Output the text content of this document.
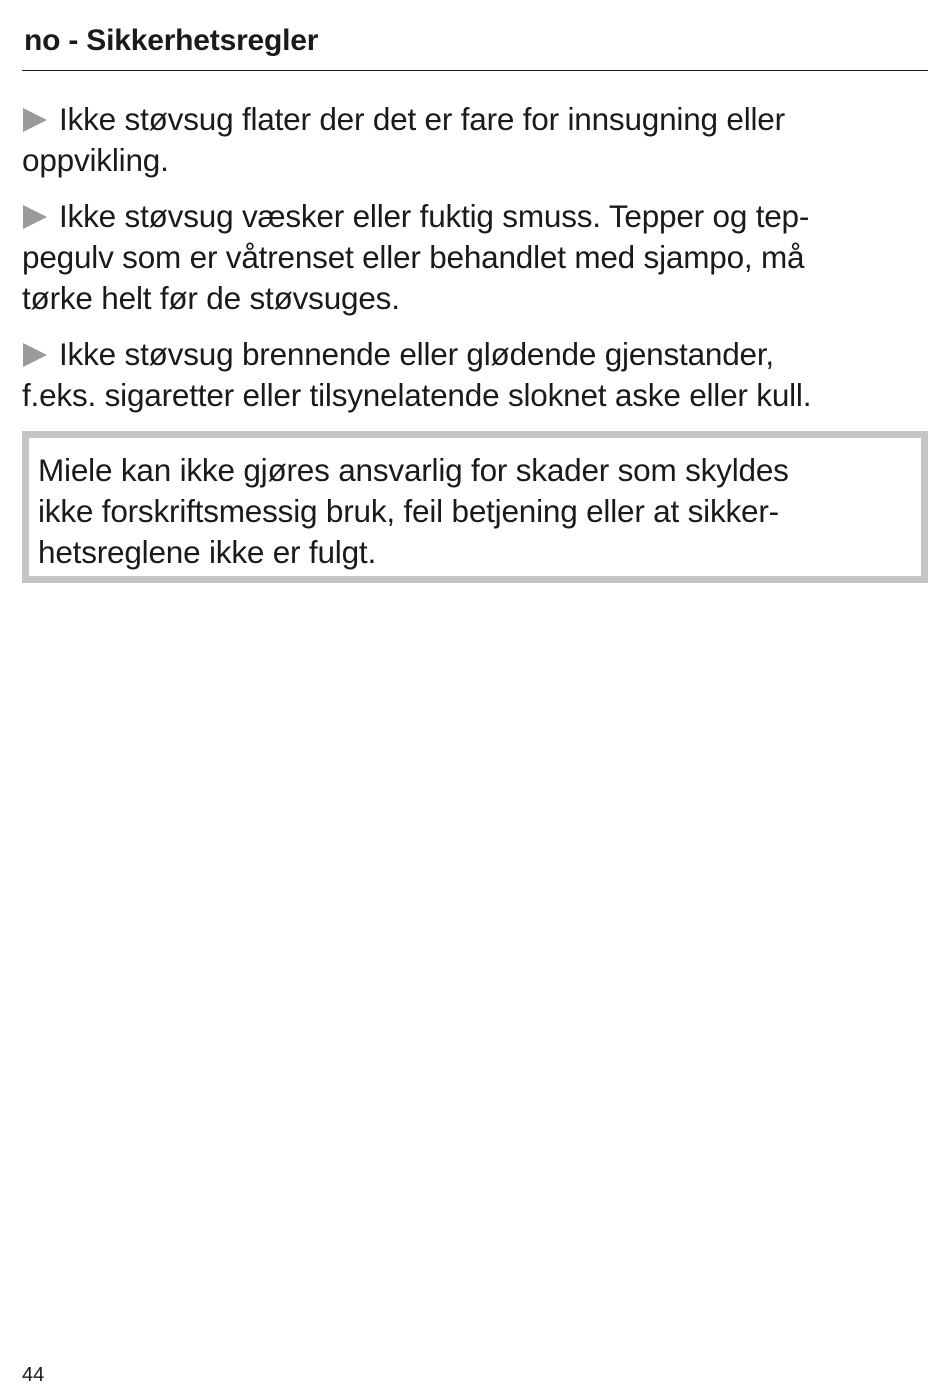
no - Sikkerhetsregler
Ikke støvsug flater der det er fare for innsugning eller
oppvikling.
Ikke støvsug væsker eller fuktig smuss. Tepper og tep-
pegulv som er våtrenset eller behandlet med sjampo, må
tørke helt før de støvsuges.
Ikke støvsug brennende eller glødende gjenstander,
f.eks. sigaretter eller tilsynelatende sloknet aske eller kull.
Miele kan ikke gjøres ansvarlig for skader som skyldes
ikke forskriftsmessig bruk, feil betjening eller at sikker-
hetsreglene ikke er fulgt.
44
